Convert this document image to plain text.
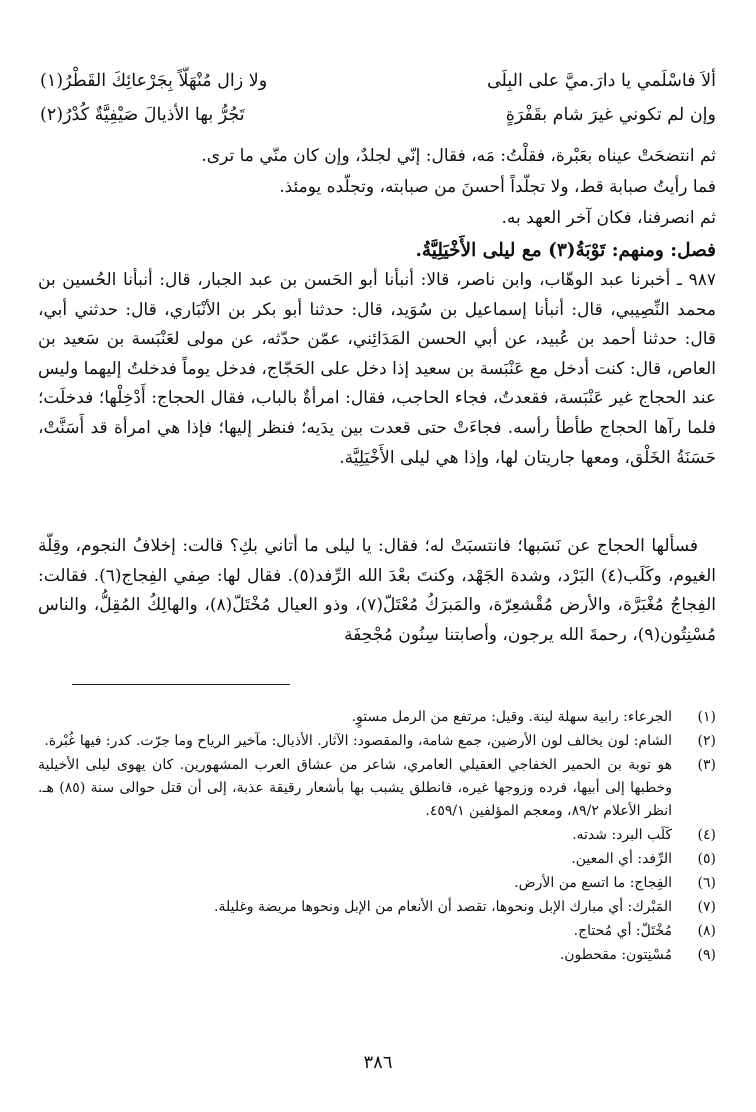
ألاَ فاسْلَمي يا دارَ.ميَّ على البِلَى
ولا زال مُنْهَلّاً بِجَرْعائِكَ القَطْرُ(١)
وإن لم تكوني غيرَ شام بقَفْرَةٍ
تَجُرُّ بها الأذيالَ صَيْفِيَّةٌ كُدْرُ(٢)
ثم انتضحَتْ عيناه بعَبْرة، فقلْتُ: مَه، فقال: إنّي لجلدٌ، وإن كان منّي ما ترى.
فما رأيتُ صبابة قط، ولا تجلّداً أحسنَ من صبابته، وتجلّده يومئذ.
ثم انصرفنا، فكان آخر العهد به.
فصل: ومنهم: تَوْبَةُ(٣) مع ليلى الأَخْيَلِيَّةُ.

٩٨٧ ـ أخبرنا عبد الوهّاب، وابن ناصر، قالا: أنبأنا أبو الحَسن بن عبد الجبار، قال: أنبأنا الحُسين بن محمد النِّصِيبي، قال: أنبأنا إسماعيل بن سُوَيد، قال: حدثنا أبو بكر بن الأنْبَاري، قال: حدثني أبي، قال: حدثنا أحمد بن عُبيد، عن أبي الحسن المَدَائِني، عمّن حدّثه، عن مولى لعَنْبَسة بن سَعيد بن العاص، قال: كنت أدخل مع عَنْبَسة بن سعيد إذا دخل على الحَجّاج، فدخل يوماً فدخلتُ إليهما وليس عند الحجاج غير عَنْبَسة، فقعدتُ، فجاء الحاجب، فقال: امرأةٌ بالباب، فقال الحجاج: أَدْخِلْها؛ فدخلَت؛ فلما رآها الحجاج طأطأ رأسه. فجاءَتْ حتى قعدت بين يدَيه؛ فنظر إليها؛ فإذا هي امرأة قد أَسَنَّتْ، حَسَنَةُ الخَلْق، ومعها جاريتان لها، وإذا هي ليلى الأَخْيَلِيَّة.

فسألها الحجاج عن نَسَبها؛ فانتسبَتْ له؛ فقال: يا ليلى ما أتاني بكِ؟ قالت: إخلافُ النجوم، وقِلّة الغيوم، وكَلَب(٤) البَرْد، وشدة الجَهْد، وكنتَ بعْدَ الله الرِّفد(٥). فقال لها: صِفي الفِجاج(٦). فقالت: الفِجاجُ مُغْبَرَّة، والأرض مُقْشعِرّة، والمَبرَكُ مُعْتَلّ(٧)، وذو العيال مُخْتَلّ(٨)، والهالِكُ المُقِلُّ، والناس مُسْنِتُون(٩)، رحمةَ الله يرجون، وأصابتنا سِنُون مُجْحِفَة

(١)
الجرعاء: رابية سهلة لينة. وقيل: مرتفع من الرمل مستوٍ.
(٢)
الشام: لون يخالف لون الأرضين، جمع شامة، والمقصود: الآثار. الأذيال: مآخير الرياح وما جرّت. كدر: فيها غُبْرة.
(٣)
هو توبة بن الحمير الخفاجي العقيلي العامري، شاعر من عشاق العرب المشهورين. كان يهوى ليلى الأخيلية وخطبها إلى أبيها، فرده وزوجها غيره، فانطلق يشبب بها بأشعار رقيقة عذبة، إلى أن قتل حوالى سنة (٨٥) هـ. انظر الأعلام ٨٩/٢، ومعجم المؤلفين ٤٥٩/١.
(٤)
كَلَب البرد: شدته.
(٥)
الرِّفد: أي المعين.
(٦)
الفِجاج: ما اتسع من الأرض.
(٧)
المَبْرك: أي مبارك الإبل ونحوها، تقصد أن الأنعام من الإبل ونحوها مريضة وغليلة.
(٨)
مُخْتَلّ: أي مُحتاج.
(٩)
مُسْنِتون: مقحطون.
٣٨٦
